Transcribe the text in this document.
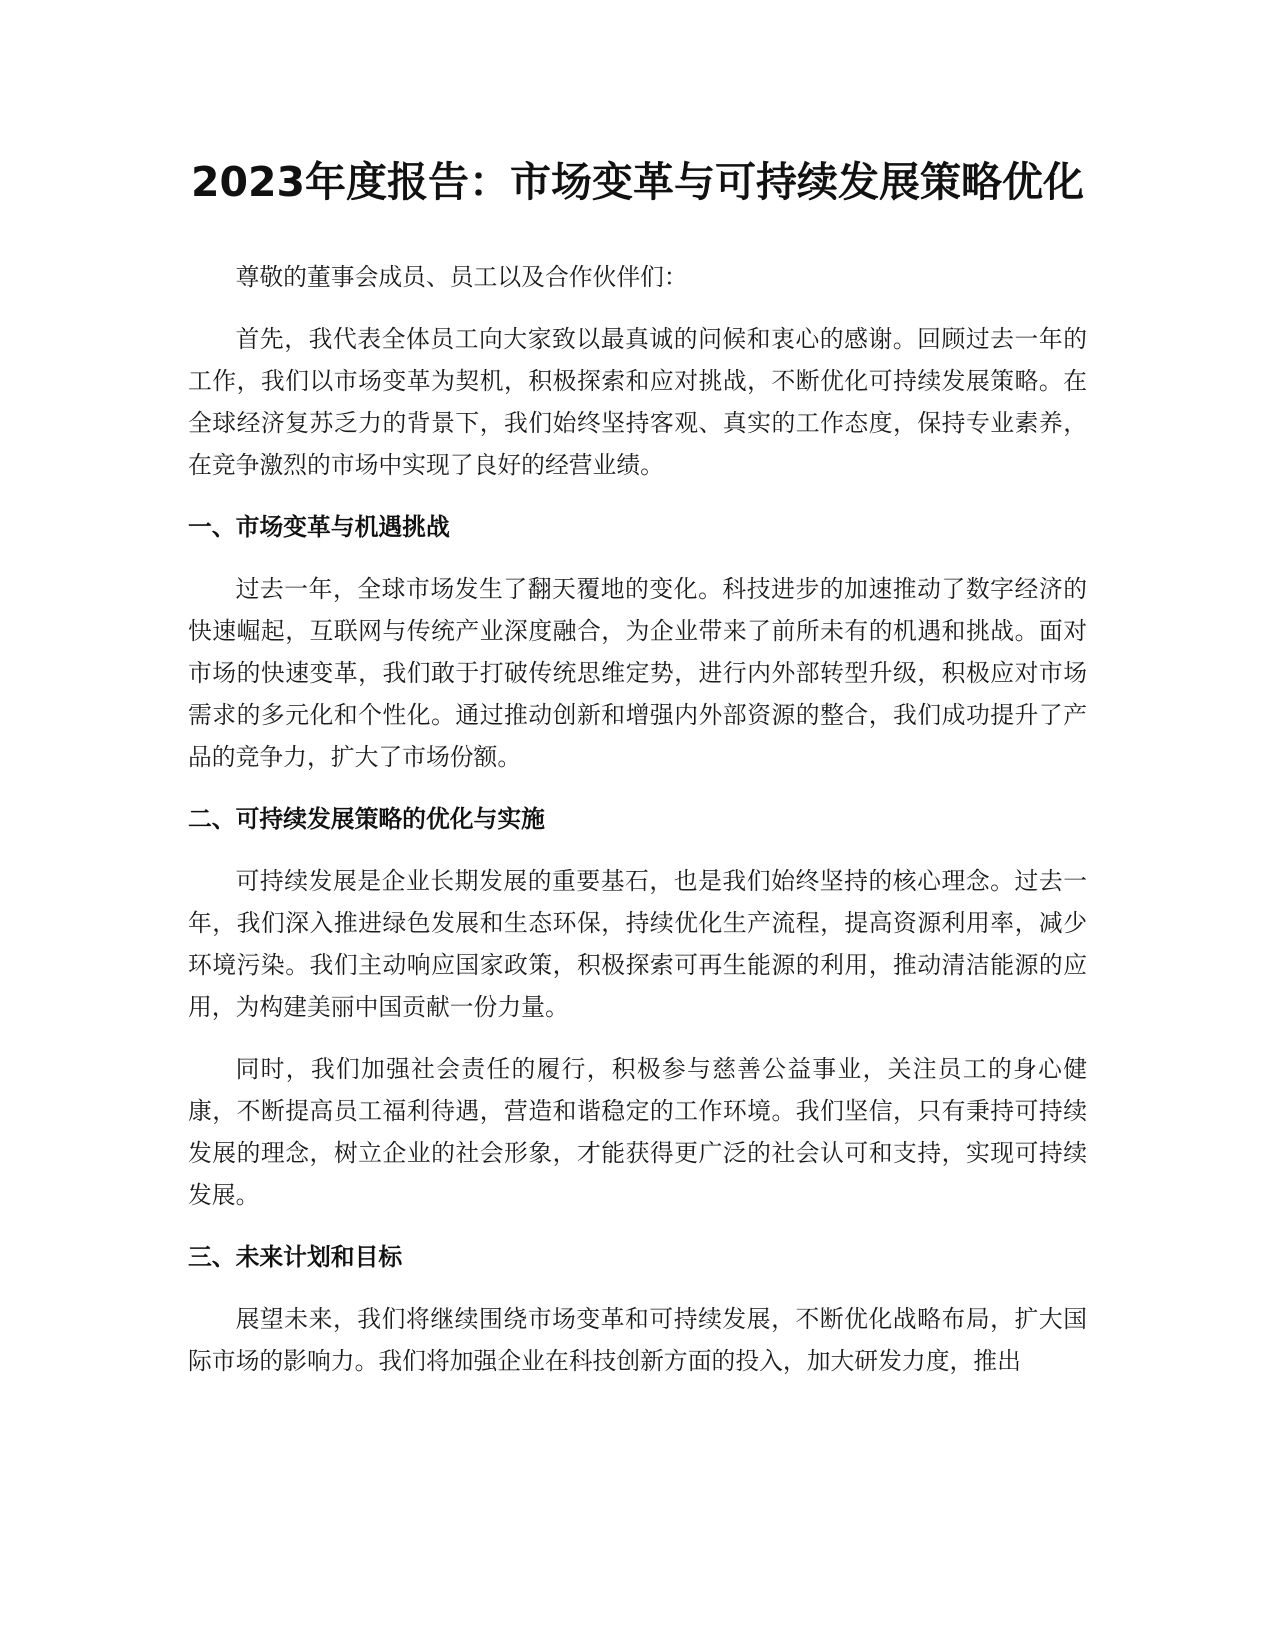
2023年度报告：市场变革与可持续发展策略优化

尊敬的董事会成员、员工以及合作伙伴们：

首先，我代表全体员工向大家致以最真诚的问候和衷心的感谢。回顾过去一年的工作，我们以市场变革为契机，积极探索和应对挑战，不断优化可持续发展策略。在全球经济复苏乏力的背景下，我们始终坚持客观、真实的工作态度，保持专业素养，在竞争激烈的市场中实现了良好的经营业绩。

一、市场变革与机遇挑战

过去一年，全球市场发生了翻天覆地的变化。科技进步的加速推动了数字经济的快速崛起，互联网与传统产业深度融合，为企业带来了前所未有的机遇和挑战。面对市场的快速变革，我们敢于打破传统思维定势，进行内外部转型升级，积极应对市场需求的多元化和个性化。通过推动创新和增强内外部资源的整合，我们成功提升了产品的竞争力，扩大了市场份额。

二、可持续发展策略的优化与实施

可持续发展是企业长期发展的重要基石，也是我们始终坚持的核心理念。过去一年，我们深入推进绿色发展和生态环保，持续优化生产流程，提高资源利用率，减少环境污染。我们主动响应国家政策，积极探索可再生能源的利用，推动清洁能源的应用，为构建美丽中国贡献一份力量。

同时，我们加强社会责任的履行，积极参与慈善公益事业，关注员工的身心健康，不断提高员工福利待遇，营造和谐稳定的工作环境。我们坚信，只有秉持可持续发展的理念，树立企业的社会形象，才能获得更广泛的社会认可和支持，实现可持续发展。

三、未来计划和目标

展望未来，我们将继续围绕市场变革和可持续发展，不断优化战略布局，扩大国际市场的影响力。我们将加强企业在科技创新方面的投入，加大研发力度，推出
